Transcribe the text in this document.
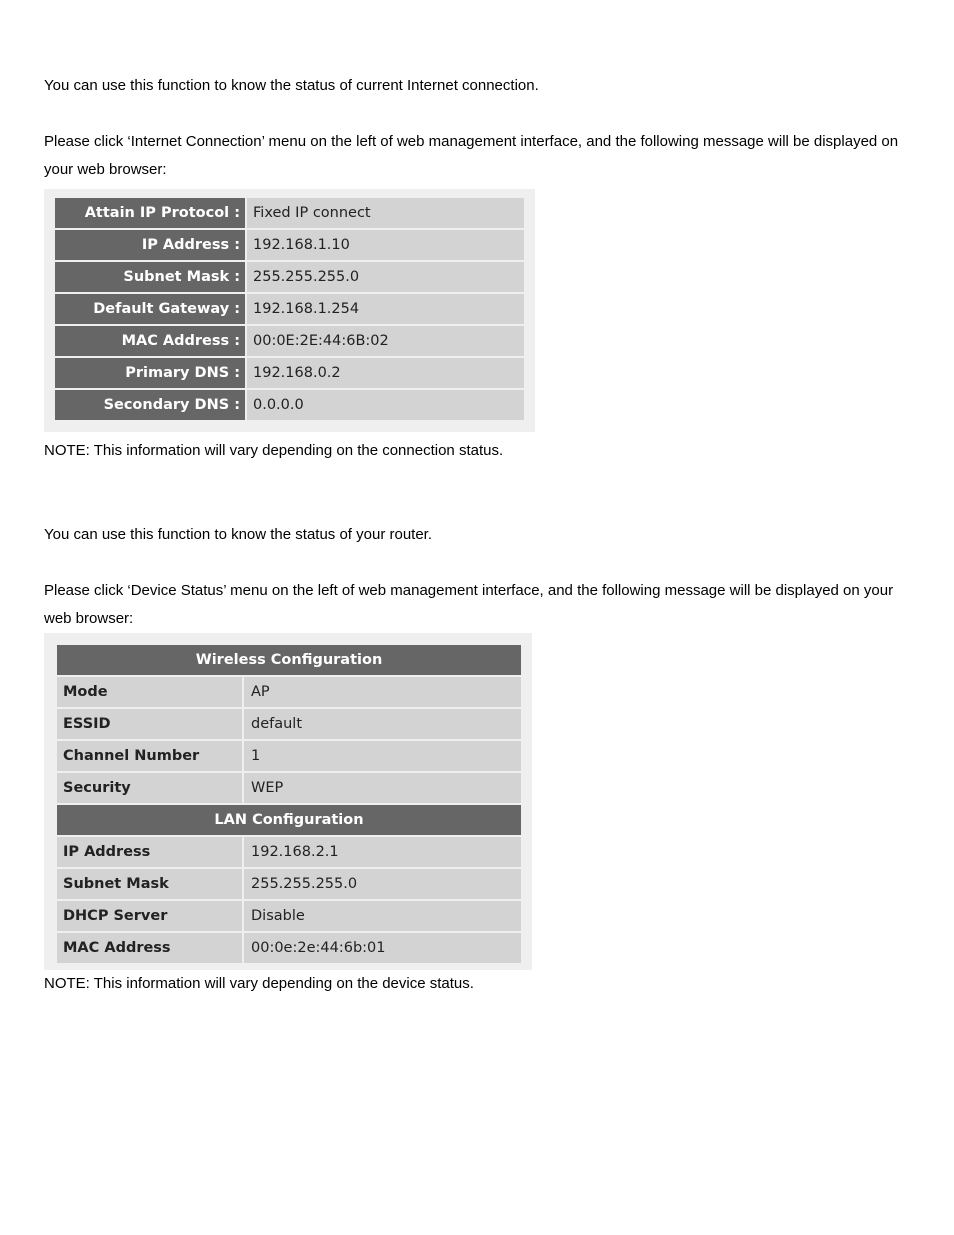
You can use this function to know the status of current Internet connection.

Please click ‘Internet Connection’ menu on the left of web management interface, and the following message will be displayed on your web browser:

Attain IP Protocol :	Fixed IP connect
IP Address :	192.168.1.10
Subnet Mask :	255.255.255.0
Default Gateway :	192.168.1.254
MAC Address :	00:0E:2E:44:6B:02
Primary DNS :	192.168.0.2
Secondary DNS :	0.0.0.0

NOTE: This information will vary depending on the connection status.

You can use this function to know the status of your router.

Please click ‘Device Status’ menu on the left of web management interface, and the following message will be displayed on your web browser:

Wireless Configuration	
Mode	AP
ESSID	default
Channel Number	1
Security	WEP
LAN Configuration	
IP Address	192.168.2.1
Subnet Mask	255.255.255.0
DHCP Server	Disable
MAC Address	00:0e:2e:44:6b:01

NOTE: This information will vary depending on the device status.
